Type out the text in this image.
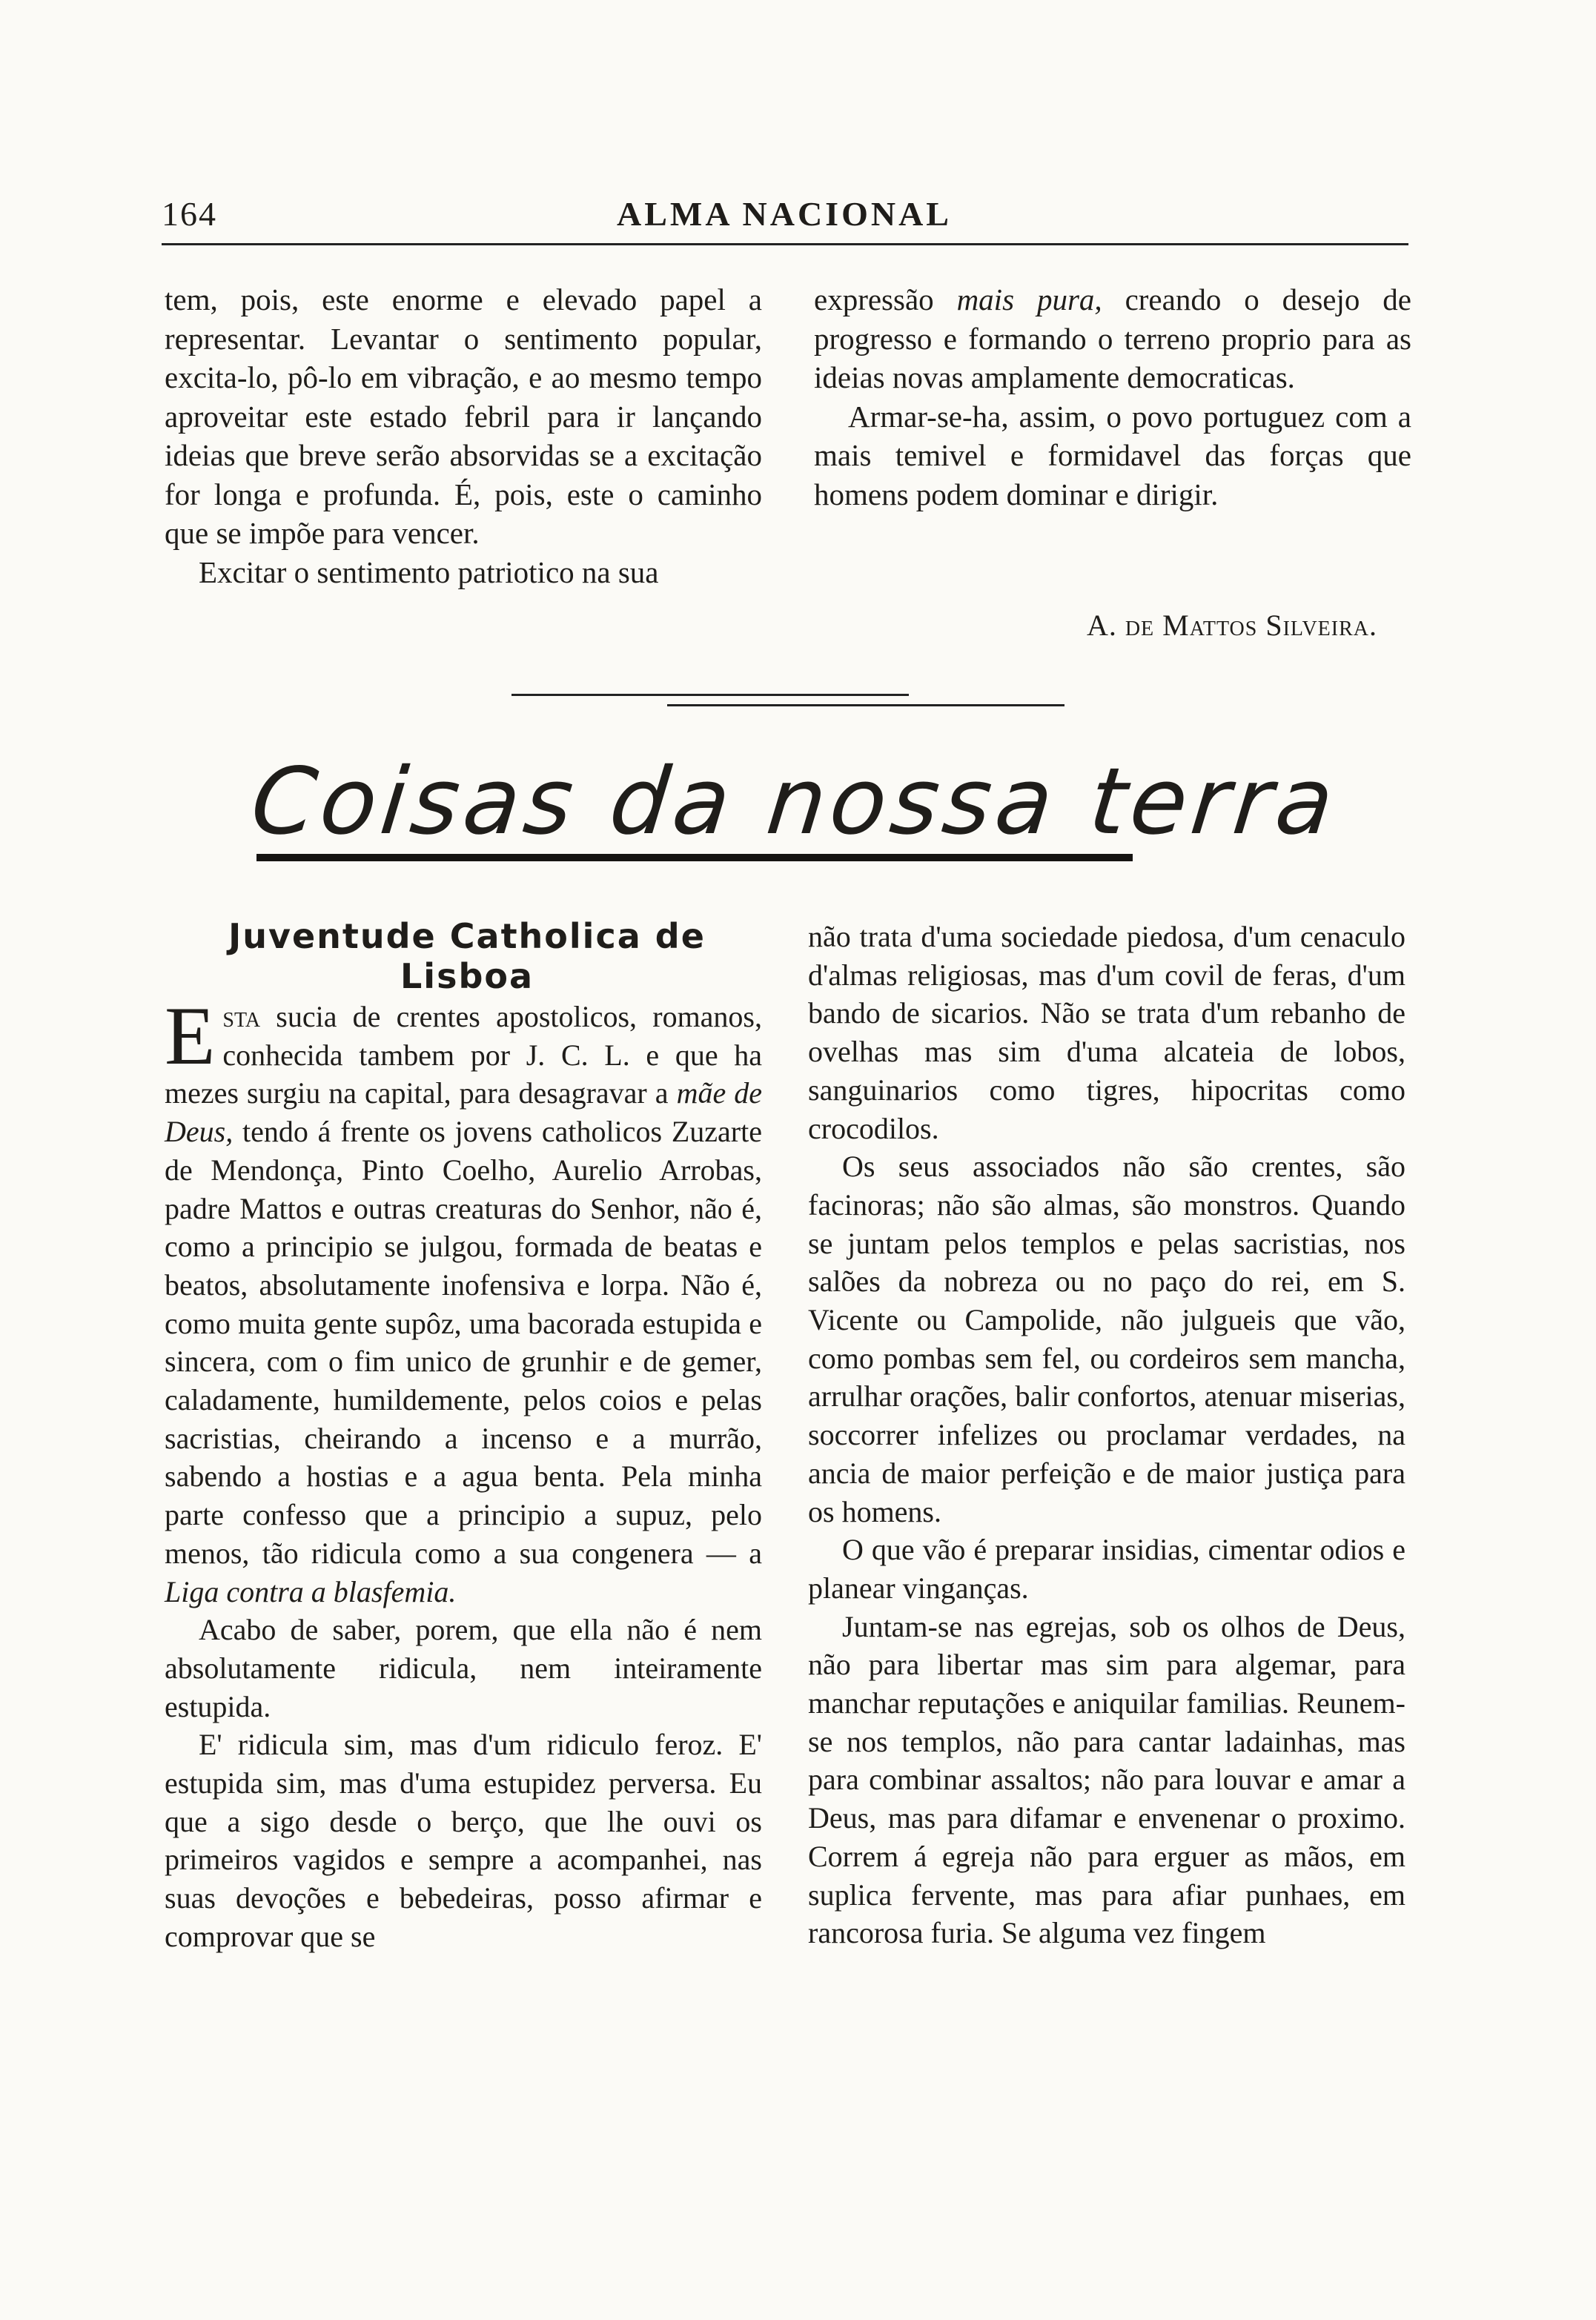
164	ALMA NACIONAL

tem, pois, este enorme e elevado papel a representar. Levantar o sentimento popular, excita-lo, pô-lo em vibração, e ao mesmo tempo aproveitar este estado febril para ir lançando ideias que breve serão absorvidas se a excitação for longa e profunda. É, pois, este o caminho que se impõe para vencer.

Excitar o sentimento patriotico na sua

expressão mais pura, creando o desejo de progresso e formando o terreno proprio para as ideias novas amplamente democraticas.

Armar-se-ha, assim, o povo portuguez com a mais temivel e formidavel das forças que homens podem dominar e dirigir.

A. de Mattos Silveira.
Coisas da nossa terra
Juventude Catholica de Lisboa

Esta sucia de crentes apostolicos, romanos, conhecida tambem por J. C. L. e que ha mezes surgiu na capital, para desagravar a mãe de Deus, tendo á frente os jovens catholicos Zuzarte de Mendonça, Pinto Coelho, Aurelio Arrobas, padre Mattos e outras creaturas do Senhor, não é, como a principio se julgou, formada de beatas e beatos, absolutamente inofensiva e lorpa. Não é, como muita gente supôz, uma bacorada estupida e sincera, com o fim unico de grunhir e de gemer, caladamente, humildemente, pelos coios e pelas sacristias, cheirando a incenso e a murrão, sabendo a hostias e a agua benta. Pela minha parte confesso que a principio a supuz, pelo menos, tão ridicula como a sua congenera — a Liga contra a blasfemia.

Acabo de saber, porem, que ella não é nem absolutamente ridicula, nem inteiramente estupida.

E' ridicula sim, mas d'um ridiculo feroz. E' estupida sim, mas d'uma estupidez perversa. Eu que a sigo desde o berço, que lhe ouvi os primeiros vagidos e sempre a acompanhei, nas suas devoções e bebedeiras, posso afirmar e comprovar que se

não trata d'uma sociedade piedosa, d'um cenaculo d'almas religiosas, mas d'um covil de feras, d'um bando de sicarios. Não se trata d'um rebanho de ovelhas mas sim d'uma alcateia de lobos, sanguinarios como tigres, hipocritas como crocodilos.

Os seus associados não são crentes, são facinoras; não são almas, são monstros. Quando se juntam pelos templos e pelas sacristias, nos salões da nobreza ou no paço do rei, em S. Vicente ou Campolide, não julgueis que vão, como pombas sem fel, ou cordeiros sem mancha, arrulhar orações, balir confortos, atenuar miserias, soccorrer infelizes ou proclamar verdades, na ancia de maior perfeição e de maior justiça para os homens.

O que vão é preparar insidias, cimentar odios e planear vinganças.

Juntam-se nas egrejas, sob os olhos de Deus, não para libertar mas sim para algemar, para manchar reputações e aniquilar familias. Reunem-se nos templos, não para cantar ladainhas, mas para combinar assaltos; não para louvar e amar a Deus, mas para difamar e envenenar o proximo. Correm á egreja não para erguer as mãos, em suplica fervente, mas para afiar punhaes, em rancorosa furia. Se alguma vez fingem
